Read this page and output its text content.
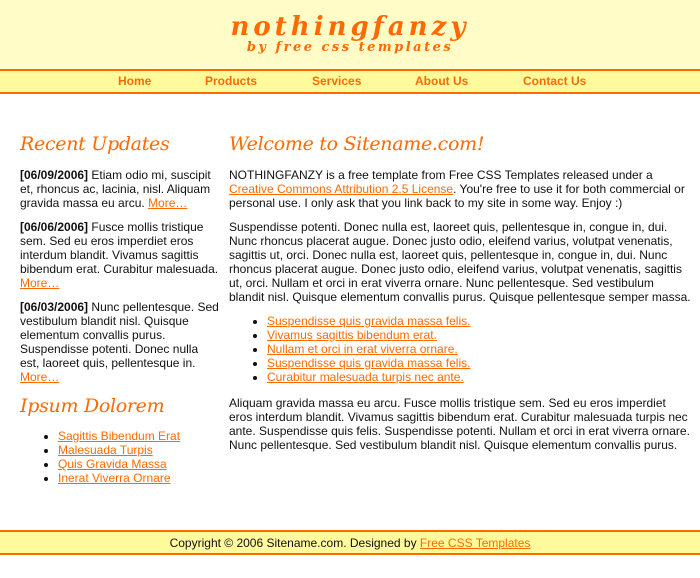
nothingfanzy

by free css templates

Home	Products	Services	About Us	Contact Us
Recent Updates

[06/09/2006] Etiam odio mi, suscipit et, rhoncus ac, lacinia, nisl. Aliquam gravida massa eu arcu. More…

[06/06/2006] Fusce mollis tristique sem. Sed eu eros imperdiet eros interdum blandit. Vivamus sagittis bibendum erat. Curabitur malesuada. More…

[06/03/2006] Nunc pellentesque. Sed vestibulum blandit nisl. Quisque elementum convallis purus. Suspendisse potenti. Donec nulla est, laoreet quis, pellentesque in. More…

Ipsum Dolorem
• Sagittis Bibendum Erat
• Malesuada Turpis
• Quis Gravida Massa
• Inerat Viverra Ornare
Welcome to Sitename.com!

NOTHINGFANZY is a free template from Free CSS Templates released under a Creative Commons Attribution 2.5 License. You're free to use it for both commercial or personal use. I only ask that you link back to my site in some way. Enjoy :)

Suspendisse potenti. Donec nulla est, laoreet quis, pellentesque in, congue in, dui. Nunc rhoncus placerat augue. Donec justo odio, eleifend varius, volutpat venenatis, sagittis ut, orci. Donec nulla est, laoreet quis, pellentesque in, congue in, dui. Nunc rhoncus placerat augue. Donec justo odio, eleifend varius, volutpat venenatis, sagittis ut, orci. Nullam et orci in erat viverra ornare. Nunc pellentesque. Sed vestibulum blandit nisl. Quisque elementum convallis purus. Quisque pellentesque semper massa.

• Suspendisse quis gravida massa felis.
• Vivamus sagittis bibendum erat.
• Nullam et orci in erat viverra ornare.
• Suspendisse quis gravida massa felis.
• Curabitur malesuada turpis nec ante.

Aliquam gravida massa eu arcu. Fusce mollis tristique sem. Sed eu eros imperdiet eros interdum blandit. Vivamus sagittis bibendum erat. Curabitur malesuada turpis nec ante. Suspendisse quis felis. Suspendisse potenti. Nullam et orci in erat viverra ornare. Nunc pellentesque. Sed vestibulum blandit nisl. Quisque elementum convallis purus.

Copyright © 2006 Sitename.com. Designed by Free CSS Templates
